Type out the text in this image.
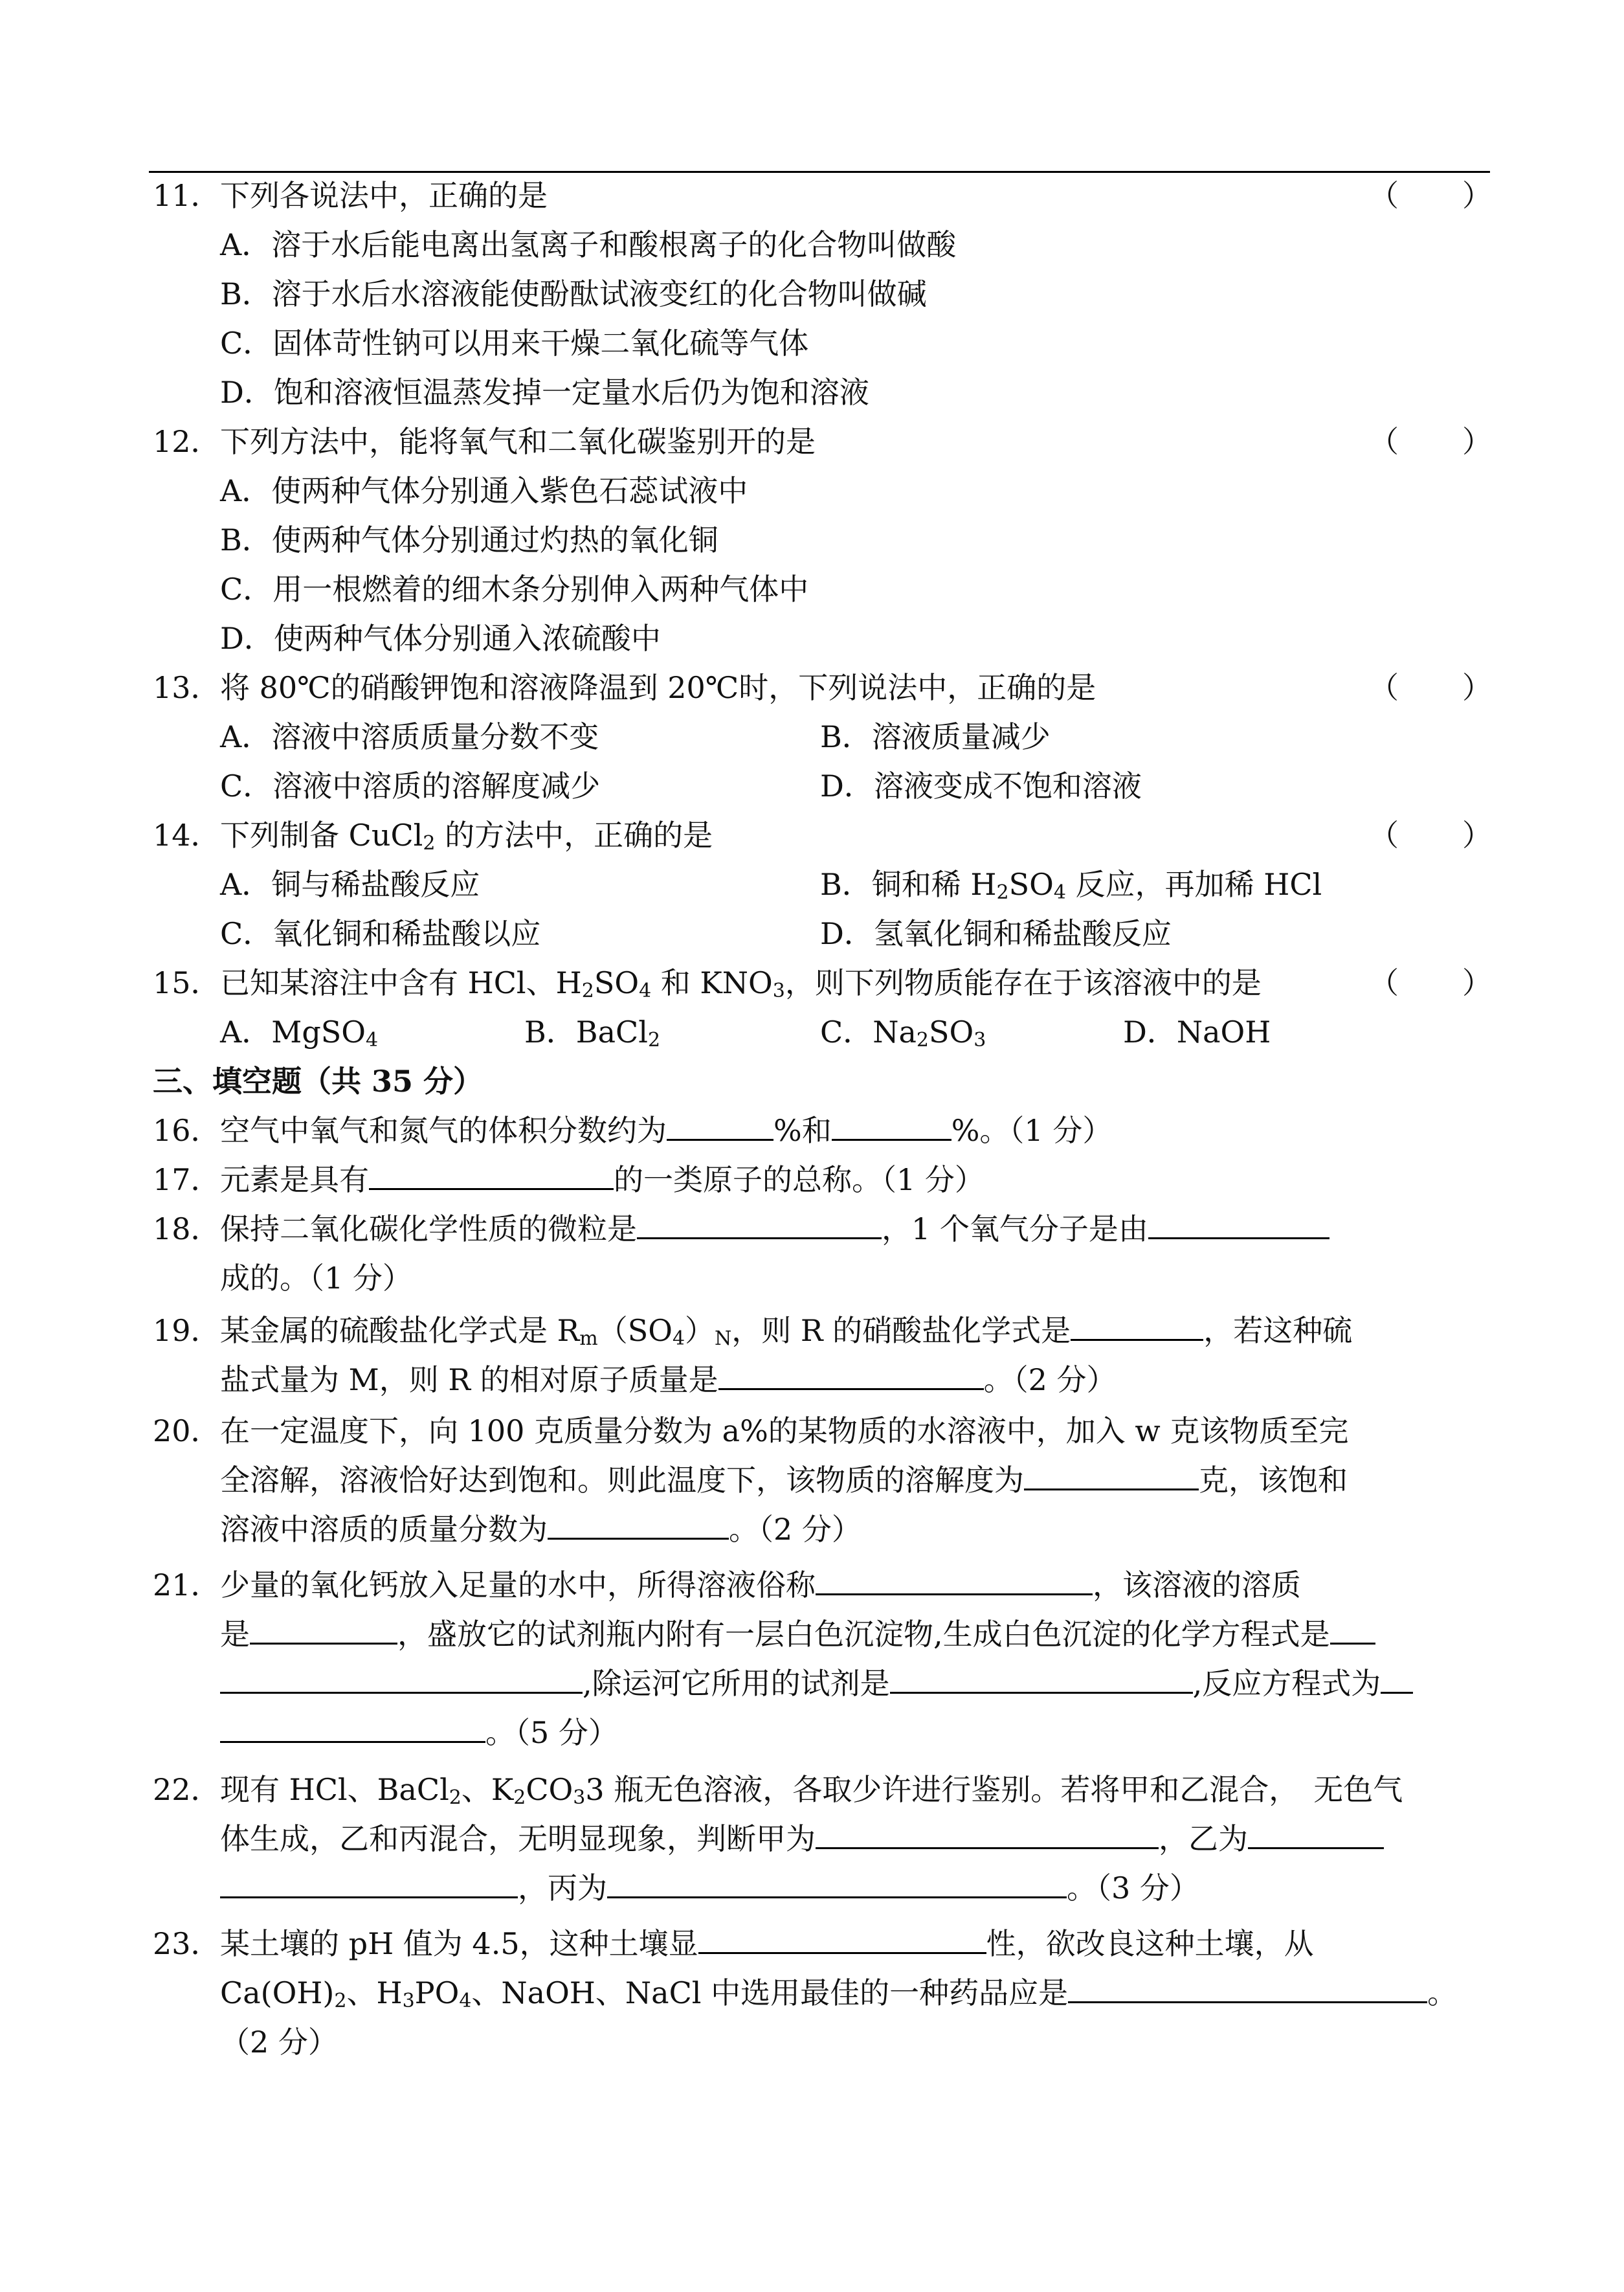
11． 下列各说法中，正确的是	（　　）
A．溶于水后能电离出氢离子和酸根离子的化合物叫做酸
B．溶于水后水溶液能使酚酞试液变红的化合物叫做碱
C．固体苛性钠可以用来干燥二氧化硫等气体
D．饱和溶液恒温蒸发掉一定量水后仍为饱和溶液
12． 下列方法中，能将氧气和二氧化碳鉴别开的是	（　　）
A．使两种气体分别通入紫色石蕊试液中
B．使两种气体分别通过灼热的氧化铜
C．用一根燃着的细木条分别伸入两种气体中
D．使两种气体分别通入浓硫酸中
13． 将 80℃的硝酸钾饱和溶液降温到 20℃时，下列说法中，正确的是	（　　）
A．溶液中溶质质量分数不变	B．溶液质量减少
C．溶液中溶质的溶解度减少	D．溶液变成不饱和溶液
14． 下列制备 CuCl$_2$ 的方法中，正确的是	（　　）
A．铜与稀盐酸反应	B．铜和稀 $H_2SO_4$ 反应，再加稀 HCl
C．氧化铜和稀盐酸以应	D．氢氧化铜和稀盐酸反应
15． 已知某溶注中含有 HCl、$H_2SO_4$ 和 $KNO_3$，则下列物质能存在于该溶液中的是	（　　）
A．MgSO$_4$	B．BaCl$_2$	C．$Na_2SO_3$	D．NaOH
三、填空题（共 35 分）
16． 空气中氧气和氮气的体积分数约为	%和	%。（1 分）
17． 元素是具有	的一类原子的总称。（1 分）
18． 保持二氧化碳化学性质的微粒是	，1 个氧气分子是由
成的。（1 分）
19． 某金属的硫酸盐化学式是 $R_m(SO_4)_N$，则 R 的硝酸盐化学式是	，若这种硫
盐式量为 M，则 R 的相对原子质量是	。（2 分）
20． 在一定温度下，向 100 克质量分数为 a%的某物质的水溶液中，加入 w 克该物质至完
全溶解，溶液恰好达到饱和。则此温度下，该物质的溶解度为	克，该饱和
溶液中溶质的质量分数为	。（2 分）
21． 少量的氧化钙放入足量的水中，所得溶液俗称	，该溶液的溶质
是	，盛放它的试剂瓶内附有一层白色沉淀物,生成白色沉淀的化学方程式是
,除运河它所用的试剂是	,反应方程式为
。（5 分）
22． 现有 HCl、BaCl$_2$、$K_2CO_33$ 瓶无色溶液，各取少许进行鉴别。若将甲和乙混合，　无色气
体生成，乙和丙混合，无明显现象，判断甲为	，乙为
，丙为	。（3 分）
23． 某土壤的 pH 值为 4.5，这种土壤显	性，欲改良这种土壤，从
$Ca(OH)_2$、$H_3PO_4$、NaOH、NaCl 中选用最佳的一种药品应是	。
（2 分）
